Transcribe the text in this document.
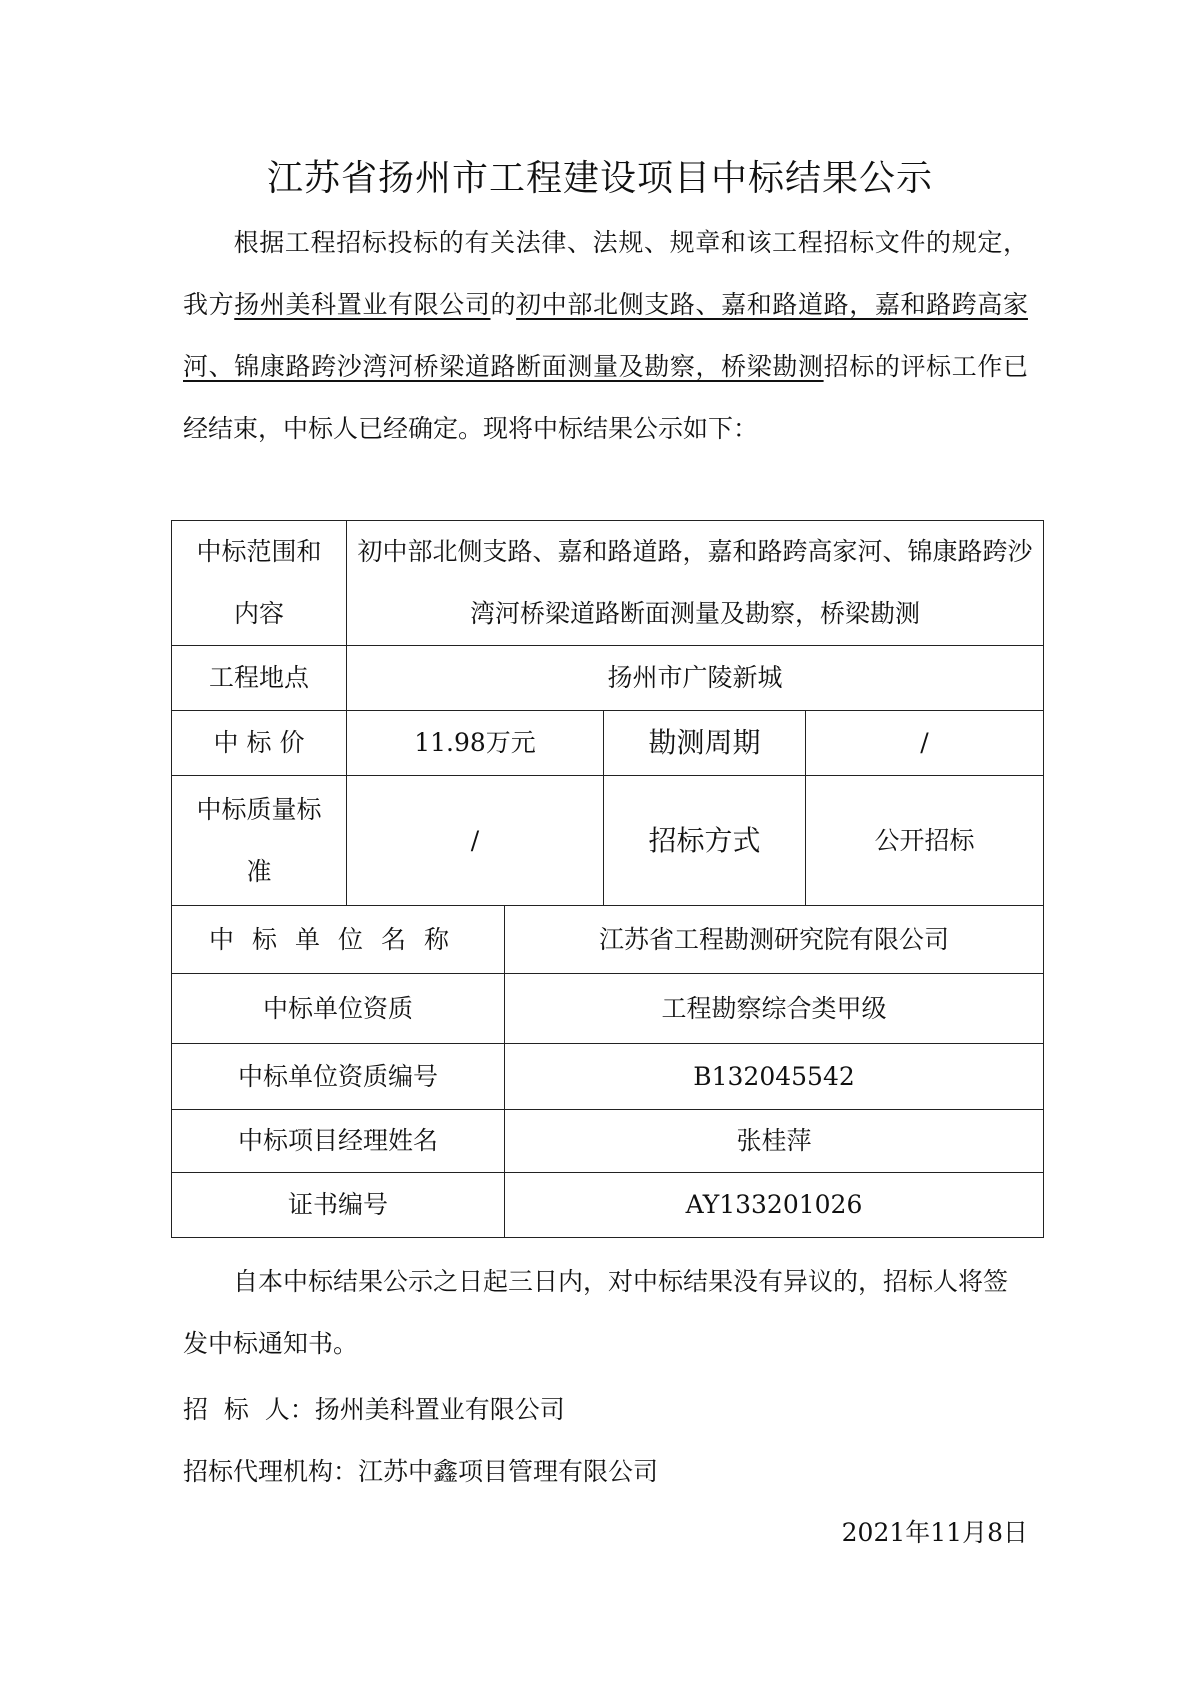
江苏省扬州市工程建设项目中标结果公示

根据工程招标投标的有关法律、法规、规章和该工程招标文件的规定，我方扬州美科置业有限公司的初中部北侧支路、嘉和路道路，嘉和路跨高家河、锦康路跨沙湾河桥梁道路断面测量及勘察，桥梁勘测招标的评标工作已经结束，中标人已经确定。现将中标结果公示如下：

中标范围和内容	初中部北侧支路、嘉和路道路，嘉和路跨高家河、锦康路跨沙湾河桥梁道路断面测量及勘察，桥梁勘测			
工程地点	扬州市广陵新城			
中 标 价	11.98万元		勘测周期	/
中标质量标准	/		招标方式	公开招标
中标单位名称		江苏省工程勘测研究院有限公司		
中标单位资质		工程勘察综合类甲级		
中标单位资质编号		B132045542		
中标项目经理姓名		张桂萍		
证书编号		AY133201026		

自本中标结果公示之日起三日内，对中标结果没有异议的，招标人将签发中标通知书。

招  标  人：扬州美科置业有限公司

招标代理机构：江苏中鑫项目管理有限公司

2021年11月8日
